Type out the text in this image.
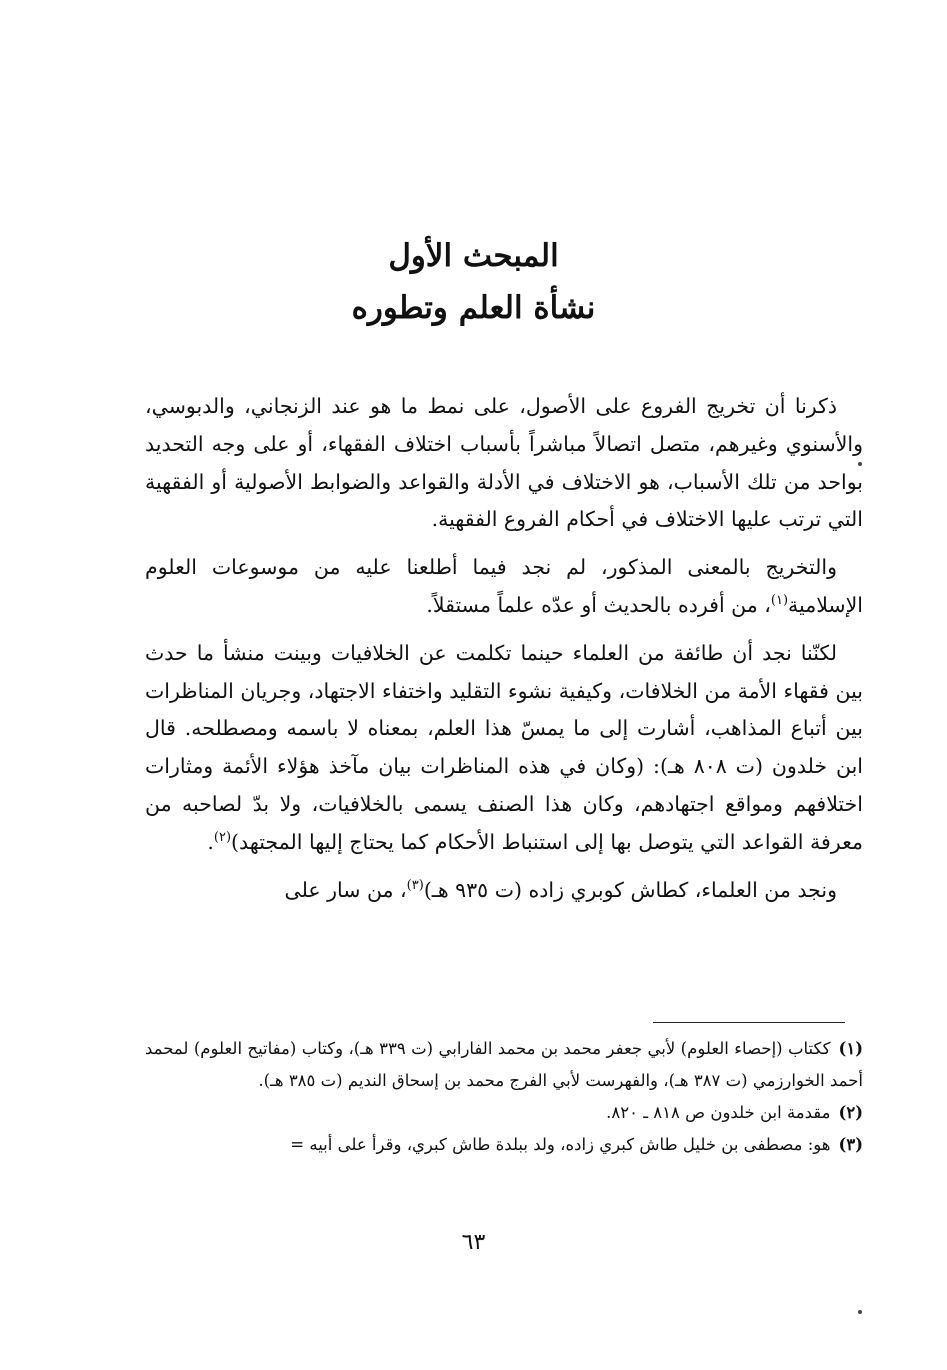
المبحث الأول
نشأة العلم وتطوره

ذكرنا أن تخريج الفروع على الأصول، على نمط ما هو عند الزنجاني، والدبوسي، والأسنوي وغيرهم، متصل اتصالاً مباشراً بأسباب اختلاف الفقهاء، أو على وجه التحديد بواحد من تلك الأسباب، هو الاختلاف في الأدلة والقواعد والضوابط الأصولية أو الفقهية التي ترتب عليها الاختلاف في أحكام الفروع الفقهية.

والتخريج بالمعنى المذكور، لم نجد فيما أطلعنا عليه من موسوعات العلوم الإسلامية$^{(١)}$، من أفرده بالحديث أو عدّه علماً مستقلاً.

لكنّنا نجد أن طائفة من العلماء حينما تكلمت عن الخلافيات وبينت منشأ ما حدث بين فقهاء الأمة من الخلافات، وكيفية نشوء التقليد واختفاء الاجتهاد، وجريان المناظرات بين أتباع المذاهب، أشارت إلى ما يمسّ هذا العلم، بمعناه لا باسمه ومصطلحه. قال ابن خلدون (ت ٨٠٨ هـ): (وكان في هذه المناظرات بيان مآخذ هؤلاء الأئمة ومثارات اختلافهم ومواقع اجتهادهم، وكان هذا الصنف يسمى بالخلافيات، ولا بدّ لصاحبه من معرفة القواعد التي يتوصل بها إلى استنباط الأحكام كما يحتاج إليها المجتهد)$^{(٢)}$.

ونجد من العلماء، كطاش كوبري زاده (ت ٩٣٥ هـ)$^{(٣)}$، من سار على

(١)ككتاب (إحصاء العلوم) لأبي جعفر محمد بن محمد الفارابي (ت ٣٣٩ هـ)، وكتاب (مفاتيح العلوم) لمحمد أحمد الخوارزمي (ت ٣٨٧ هـ)، والفهرست لأبي الفرج محمد بن إسحاق النديم (ت ٣٨٥ هـ).

(٢)مقدمة ابن خلدون ص ٨١٨ ـ ٨٢٠.

(٣)هو: مصطفى بن خليل طاش كبري زاده، ولد ببلدة طاش كبري، وقرأ على أبيه =

٦٣
